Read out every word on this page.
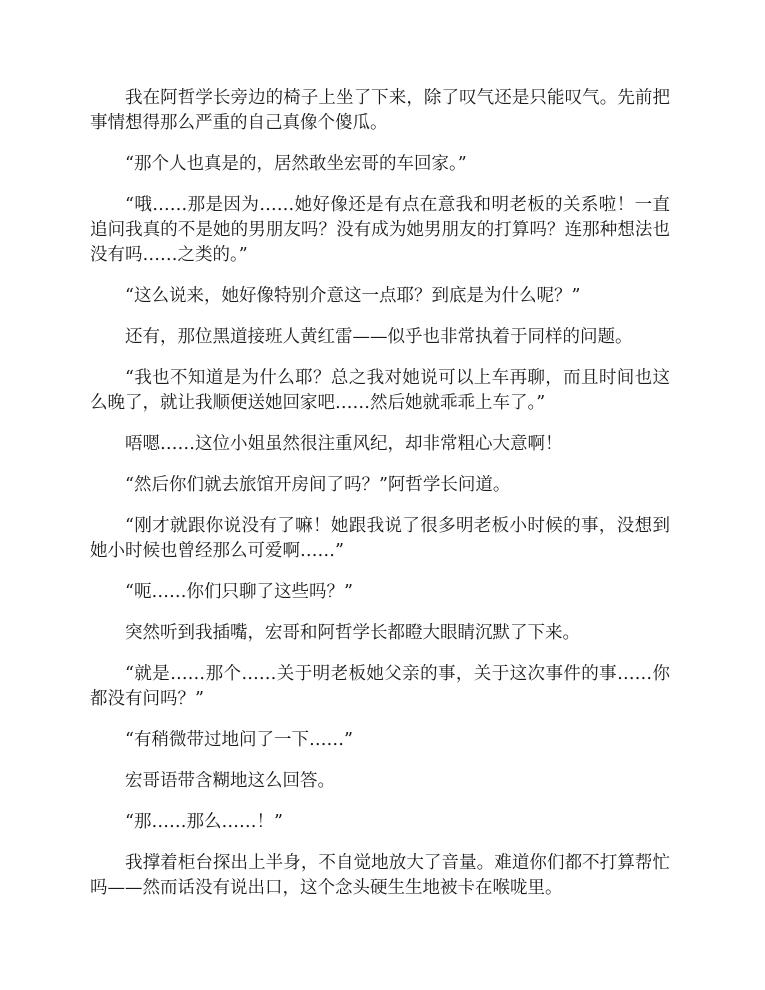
我在阿哲学长旁边的椅子上坐了下来，除了叹气还是只能叹气。先前把事情想得那么严重的自己真像个傻瓜。

“那个人也真是的，居然敢坐宏哥的车回家。”

“哦……那是因为……她好像还是有点在意我和明老板的关系啦！一直追问我真的不是她的男朋友吗？没有成为她男朋友的打算吗？连那种想法也没有吗……之类的。”

“这么说来，她好像特别介意这一点耶？到底是为什么呢？”

还有，那位黑道接班人黄红雷——似乎也非常执着于同样的问题。

“我也不知道是为什么耶？总之我对她说可以上车再聊，而且时间也这么晚了，就让我顺便送她回家吧……然后她就乖乖上车了。”

唔嗯……这位小姐虽然很注重风纪，却非常粗心大意啊！

“然后你们就去旅馆开房间了吗？”阿哲学长问道。

“刚才就跟你说没有了嘛！她跟我说了很多明老板小时候的事，没想到她小时候也曾经那么可爱啊……”

“呃……你们只聊了这些吗？”

突然听到我插嘴，宏哥和阿哲学长都瞪大眼睛沉默了下来。

“就是……那个……关于明老板她父亲的事，关于这次事件的事……你都没有问吗？”

“有稍微带过地问了一下……”

宏哥语带含糊地这么回答。

“那……那么……！”

我撑着柜台探出上半身，不自觉地放大了音量。难道你们都不打算帮忙吗——然而话没有说出口，这个念头硬生生地被卡在喉咙里。
